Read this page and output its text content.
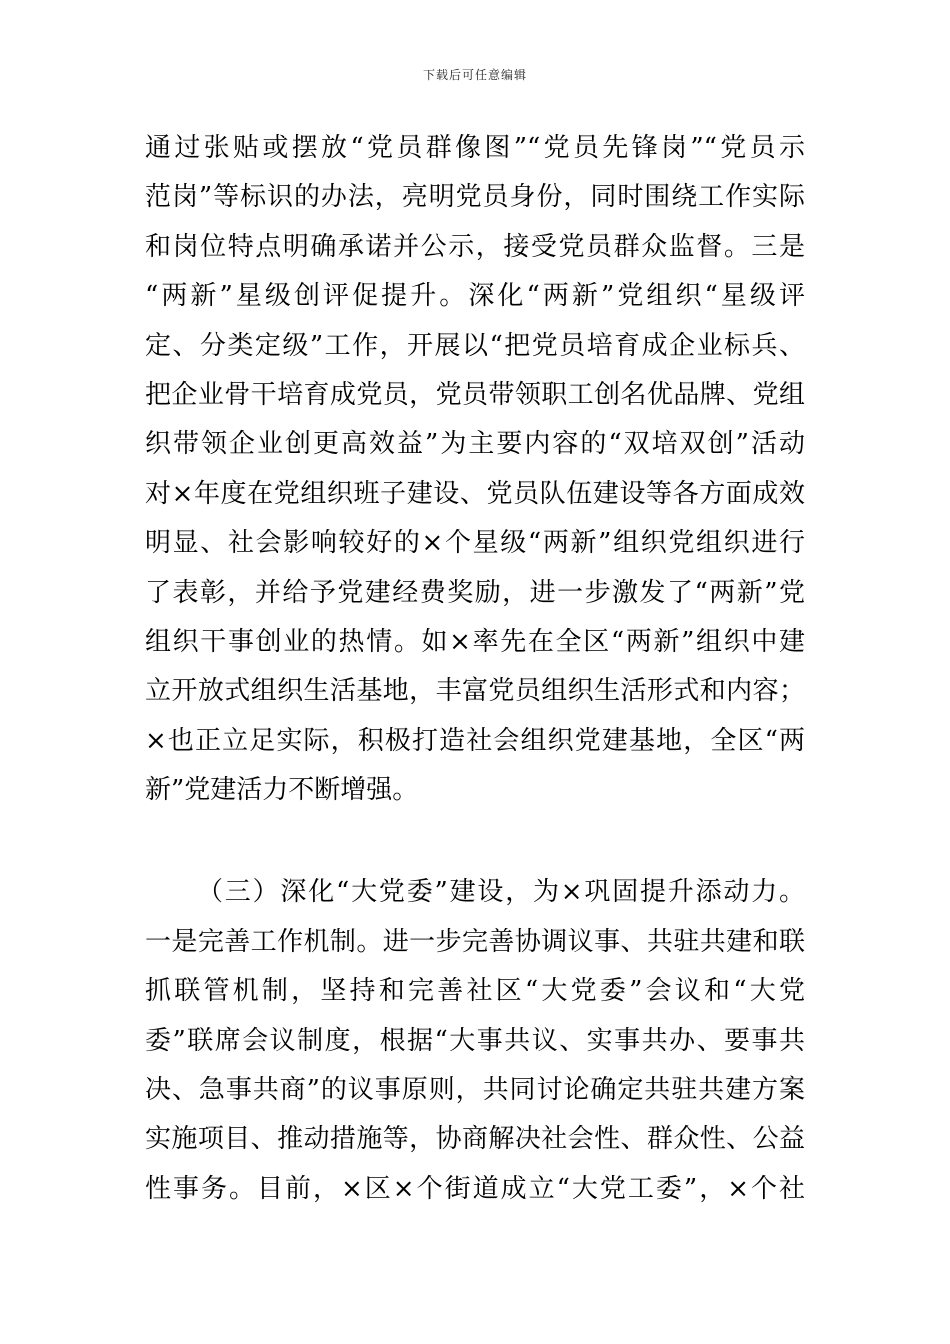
下载后可任意编辑
通过张贴或摆放“党员群像图”“党员先锋岗”“党员示
范岗”等标识的办法，亮明党员身份，同时围绕工作实际
和岗位特点明确承诺并公示，接受党员群众监督。三是
“两新”星级创评促提升。深化“两新”党组织“星级评
定、分类定级”工作，开展以“把党员培育成企业标兵、
把企业骨干培育成党员，党员带领职工创名优品牌、党组
织带领企业创更高效益”为主要内容的“双培双创”活动
对×年度在党组织班子建设、党员队伍建设等各方面成效
明显、社会影响较好的×个星级“两新”组织党组织进行
了表彰，并给予党建经费奖励，进一步激发了“两新”党
组织干事创业的热情。如×率先在全区“两新”组织中建
立开放式组织生活基地，丰富党员组织生活形式和内容；
×也正立足实际，积极打造社会组织党建基地，全区“两
新”党建活力不断增强。
（三）深化“大党委”建设，为×巩固提升添动力。
一是完善工作机制。进一步完善协调议事、共驻共建和联
抓联管机制，坚持和完善社区“大党委”会议和“大党
委”联席会议制度，根据“大事共议、实事共办、要事共
决、急事共商”的议事原则，共同讨论确定共驻共建方案
实施项目、推动措施等，协商解决社会性、群众性、公益
性事务。目前，×区×个街道成立“大党工委”，×个社
